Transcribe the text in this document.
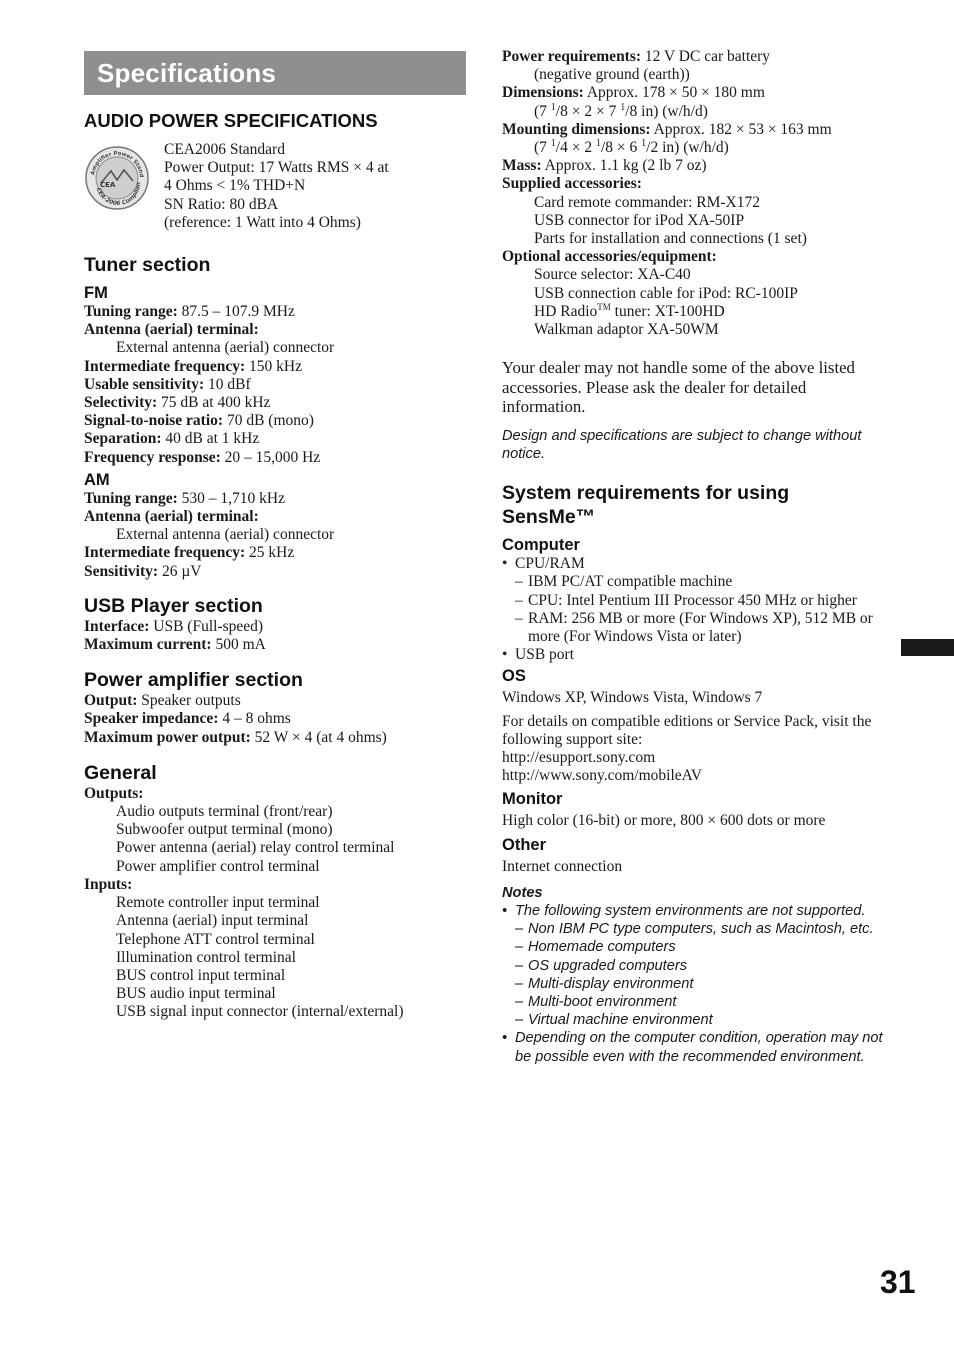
Specifications
AUDIO POWER SPECIFICATIONS
Amplifier Power Stand
CEA-2006 Complian
CEA

CEA2006 Standard

Power Output: 17 Watts RMS × 4 at

4 Ohms < 1% THD+N

SN Ratio: 80 dBA

(reference: 1 Watt into 4 Ohms)

Tuner section
FM

Tuning range: 87.5 – 107.9 MHz

Antenna (aerial) terminal:

External antenna (aerial) connector

Intermediate frequency: 150 kHz

Usable sensitivity: 10 dBf

Selectivity: 75 dB at 400 kHz

Signal-to-noise ratio: 70 dB (mono)

Separation: 40 dB at 1 kHz

Frequency response: 20 – 15,000 Hz

AM

Tuning range: 530 – 1,710 kHz

Antenna (aerial) terminal:

External antenna (aerial) connector

Intermediate frequency: 25 kHz

Sensitivity: 26 µV

USB Player section

Interface: USB (Full-speed)

Maximum current: 500 mA

Power amplifier section

Output: Speaker outputs

Speaker impedance: 4 – 8 ohms

Maximum power output: 52 W × 4 (at 4 ohms)

General

Outputs:

Audio outputs terminal (front/rear)

Subwoofer output terminal (mono)

Power antenna (aerial) relay control terminal

Power amplifier control terminal

Inputs:

Remote controller input terminal

Antenna (aerial) input terminal

Telephone ATT control terminal

Illumination control terminal

BUS control input terminal

BUS audio input terminal

USB signal input connector (internal/external)

Power requirements: 12 V DC car battery

(negative ground (earth))

Dimensions: Approx. 178 × 50 × 180 mm

(7 $^1$/8 × 2 × 7 $^1$/8 in) (w/h/d)

Mounting dimensions: Approx. 182 × 53 × 163 mm

(7 $^1$/4 × 2 $^1$/8 × 6 $^1$/2 in) (w/h/d)

Mass: Approx. 1.1 kg (2 lb 7 oz)

Supplied accessories:

Card remote commander: RM-X172

USB connector for iPod XA-50IP

Parts for installation and connections (1 set)

Optional accessories/equipment:

Source selector: XA-C40

USB connection cable for iPod: RC-100IP

HD Radio™ tuner: XT-100HD

Walkman adaptor XA-50WM

Your dealer may not handle some of the above listed accessories. Please ask the dealer for detailed information.

Design and specifications are subject to change without notice.

System requirements for using SensMe™
Computer
• CPU/RAM
– IBM PC/AT compatible machine
– CPU: Intel Pentium III Processor 450 MHz or higher
– RAM: 256 MB or more (For Windows XP), 512 MB or more (For Windows Vista or later)
• USB port
OS

Windows XP, Windows Vista, Windows 7

For details on compatible editions or Service Pack, visit the following support site:

http://esupport.sony.com

http://www.sony.com/mobileAV

Monitor

High color (16-bit) or more, 800 × 600 dots or more

Other

Internet connection

Notes

• The following system environments are not supported.
– Non IBM PC type computers, such as Macintosh, etc.
– Homemade computers
– OS upgraded computers
– Multi-display environment
– Multi-boot environment
– Virtual machine environment
• Depending on the computer condition, operation may not be possible even with the recommended environment.
31
